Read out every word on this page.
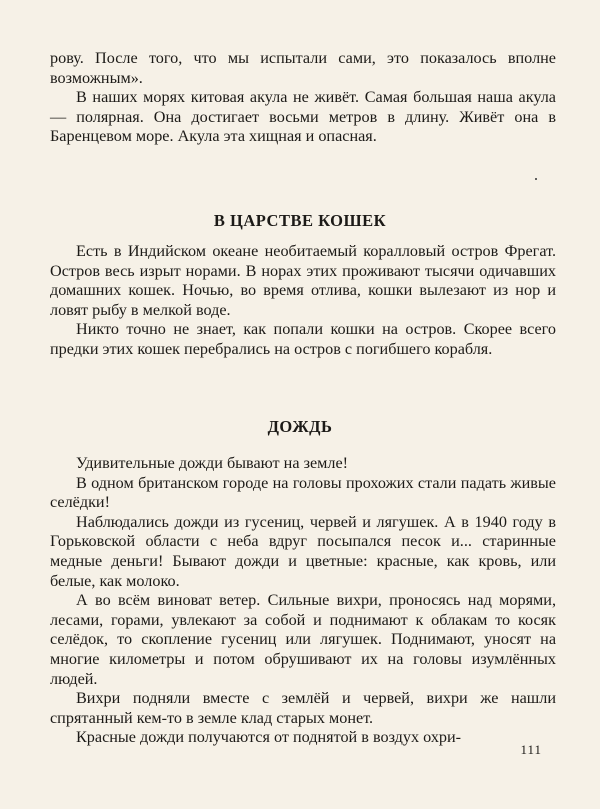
рову. После того, что мы испытали сами, это показалось вполне возможным».

В наших морях китовая акула не живёт. Самая большая наша акула — полярная. Она достигает восьми метров в длину. Живёт она в Баренцевом море. Акула эта хищная и опасная.

В ЦАРСТВЕ КОШЕК

Есть в Индийском океане необитаемый коралловый остров Фрегат. Остров весь изрыт норами. В норах этих проживают тысячи одичавших домашних кошек. Ночью, во время отлива, кошки вылезают из нор и ловят рыбу в мелкой воде.

Никто точно не знает, как попали кошки на остров. Скорее всего предки этих кошек перебрались на остров с погибшего корабля.

ДОЖДЬ

Удивительные дожди бывают на земле!

В одном британском городе на головы прохожих стали падать живые селёдки!

Наблюдались дожди из гусениц, червей и лягушек. А в 1940 году в Горьковской области с неба вдруг посыпался песок и... старинные медные деньги! Бывают дожди и цветные: красные, как кровь, или белые, как молоко.

А во всём виноват ветер. Сильные вихри, проносясь над морями, лесами, горами, увлекают за собой и поднимают к облакам то косяк селёдок, то скопление гусениц или лягушек. Поднимают, уносят на многие километры и потом обрушивают их на головы изумлённых людей.

Вихри подняли вместе с землёй и червей, вихри же нашли спрятанный кем-то в земле клад старых монет.

Красные дожди получаются от поднятой в воздух охри-

111
